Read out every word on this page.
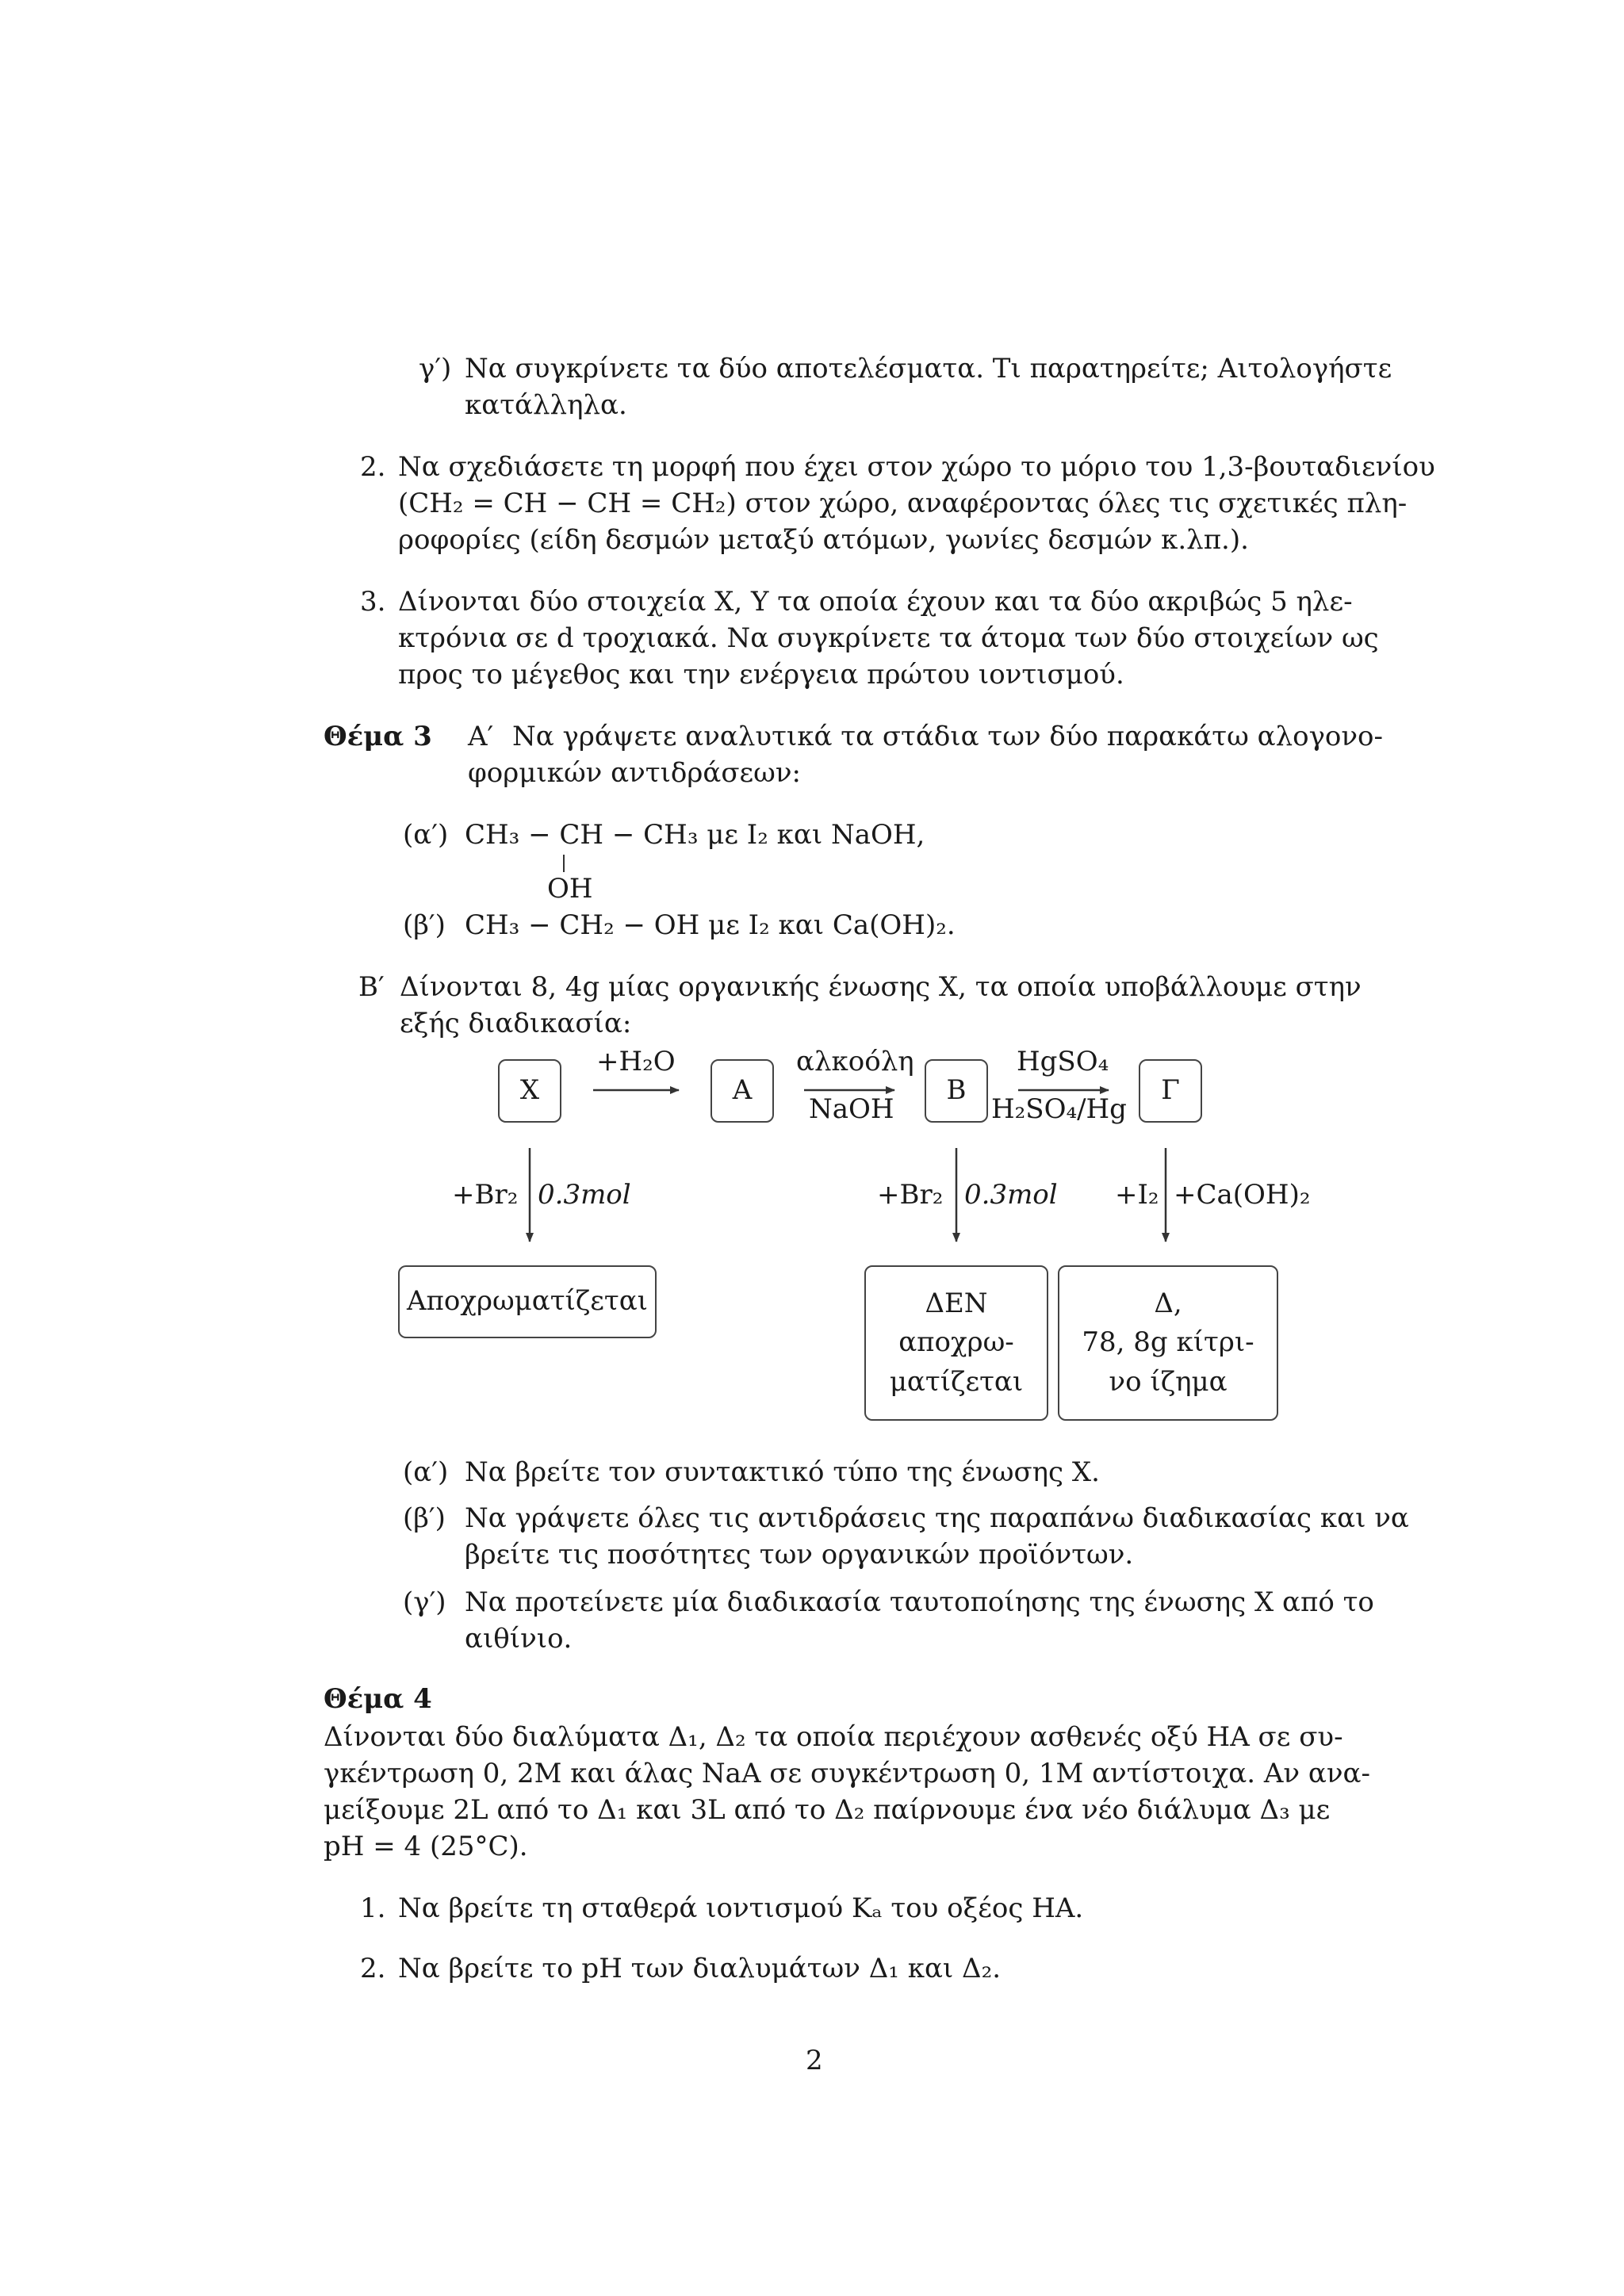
γ′) Να συγκρίνετε τα δύο αποτελέσματα. Τι παρατηρείτε; Αιτολογήστε
κατάλληλα.
2. Να σχεδιάσετε τη μορφή που έχει στον χώρο το μόριο του 1,3-βουταδιενίου
(CH₂ = CH − CH = CH₂) στον χώρο, αναφέροντας όλες τις σχετικές πλη-
ροφορίες (είδη δεσμών μεταξύ ατόμων, γωνίες δεσμών κ.λπ.).
3. Δίνονται δύο στοιχεία X, Y τα οποία έχουν και τα δύο ακριβώς 5 ηλε-
κτρόνια σε d τροχιακά. Να συγκρίνετε τα άτομα των δύο στοιχείων ως
προς το μέγεθος και την ενέργεια πρώτου ιοντισμού.
Θέμα 3 Α′ Να γράψετε αναλυτικά τα στάδια των δύο παρακάτω αλογονο-
φορμικών αντιδράσεων:
(α′) CH₃ − CH − CH₃ με I₂ και NaOH,
OH
(β′) CH₃ − CH₂ − OH με I₂ και Ca(OH)₂.
Β′ Δίνονται 8, 4g μίας οργανικής ένωσης X, τα οποία υποβάλλουμε στην
εξής διαδικασία:
X	A	B	Γ
+H₂O	αλκοόλη
NaOH
HgSO₄
H₂SO₄/Hg
+Br₂ 0.3mol	+Br₂ 0.3mol +I₂ +Ca(OH)₂
Αποχρωματίζεται	ΔΕΝ
αποχρω-
ματίζεται
Δ,
78, 8g κίτρι-
νο ίζημα
(α′) Να βρείτε τον συντακτικό τύπο της ένωσης X.
(β′) Να γράψετε όλες τις αντιδράσεις της παραπάνω διαδικασίας και να
βρείτε τις ποσότητες των οργανικών προϊόντων.
(γ′) Να προτείνετε μία διαδικασία ταυτοποίησης της ένωσης X από το
αιθίνιο.
Θέμα 4
Δίνονται δύο διαλύματα Δ₁, Δ₂ τα οποία περιέχουν ασθενές οξύ HA σε συ-
γκέντρωση 0, 2M και άλας NaA σε συγκέντρωση 0, 1M αντίστοιχα. Αν ανα-
μείξουμε 2L από το Δ₁ και 3L από το Δ₂ παίρνουμε ένα νέο διάλυμα Δ₃ με
pH = 4 (25°C).
1. Να βρείτε τη σταθερά ιοντισμού Kₐ του οξέος HA.
2. Να βρείτε το pH των διαλυμάτων Δ₁ και Δ₂.
2
